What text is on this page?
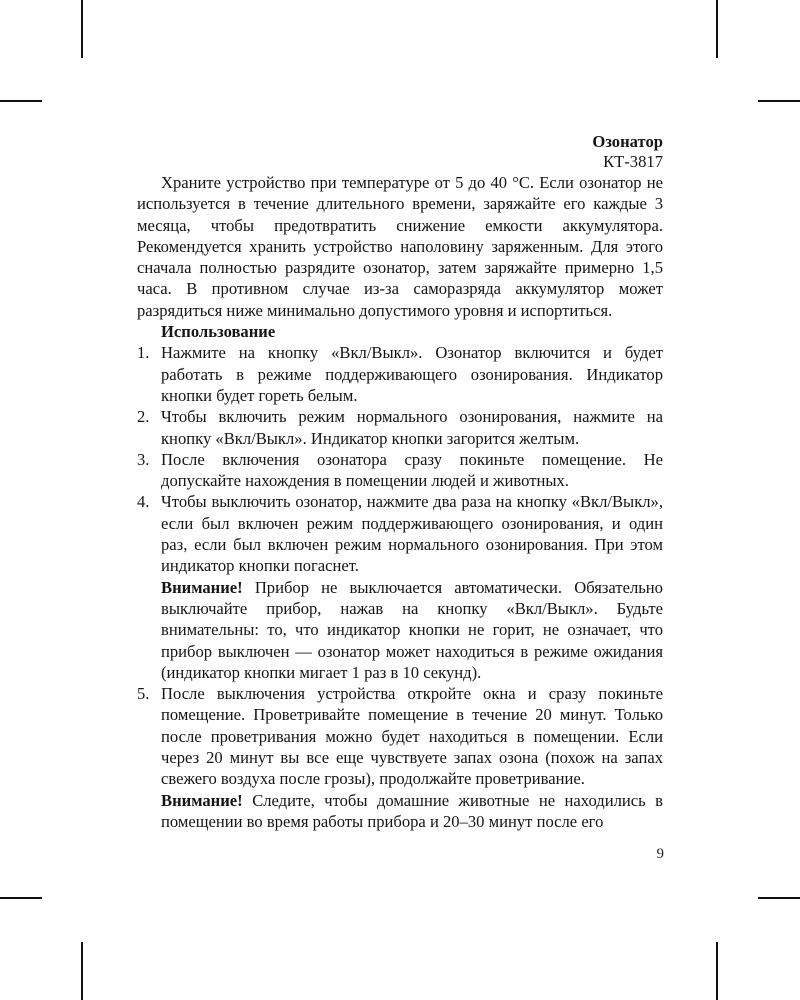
Озонатор
КТ-3817

Храните устройство при температуре от 5 до 40 °С. Если озонатор не используется в течение длительного времени, заряжайте его каждые 3 месяца, чтобы предотвратить снижение емкости аккумулятора. Рекомендуется хранить устройство наполовину заряженным. Для этого сначала полностью разрядите озонатор, затем заряжайте примерно 1,5 часа. В противном случае из-за саморазряда аккумулятор может разрядиться ниже минимально допустимого уровня и испортиться.

Использование

1. Нажмите на кнопку «Вкл/Выкл». Озонатор включится и будет работать в режиме поддерживающего озонирования. Индикатор кнопки будет гореть белым.
2. Чтобы включить режим нормального озонирования, нажмите на кнопку «Вкл/Выкл». Индикатор кнопки загорится желтым.
3. После включения озонатора сразу покиньте помещение. Не допускайте нахождения в помещении людей и животных.
4. Чтобы выключить озонатор, нажмите два раза на кнопку «Вкл/Выкл», если был включен режим поддерживающего озонирования, и один раз, если был включен режим нормального озонирования. При этом индикатор кнопки погаснет.

Внимание! Прибор не выключается автоматически. Обязательно выключайте прибор, нажав на кнопку «Вкл/Выкл». Будьте внимательны: то, что индикатор кнопки не горит, не означает, что прибор выключен — озонатор может находиться в режиме ожидания (индикатор кнопки мигает 1 раз в 10 секунд).

5. После выключения устройства откройте окна и сразу покиньте помещение. Проветривайте помещение в течение 20 минут. Только после проветривания можно будет находиться в помещении. Если через 20 минут вы все еще чувствуете запах озона (похож на запах свежего воздуха после грозы), продолжайте проветривание.

Внимание! Следите, чтобы домашние животные не находились в помещении во время работы прибора и 20–30 минут после его

9
